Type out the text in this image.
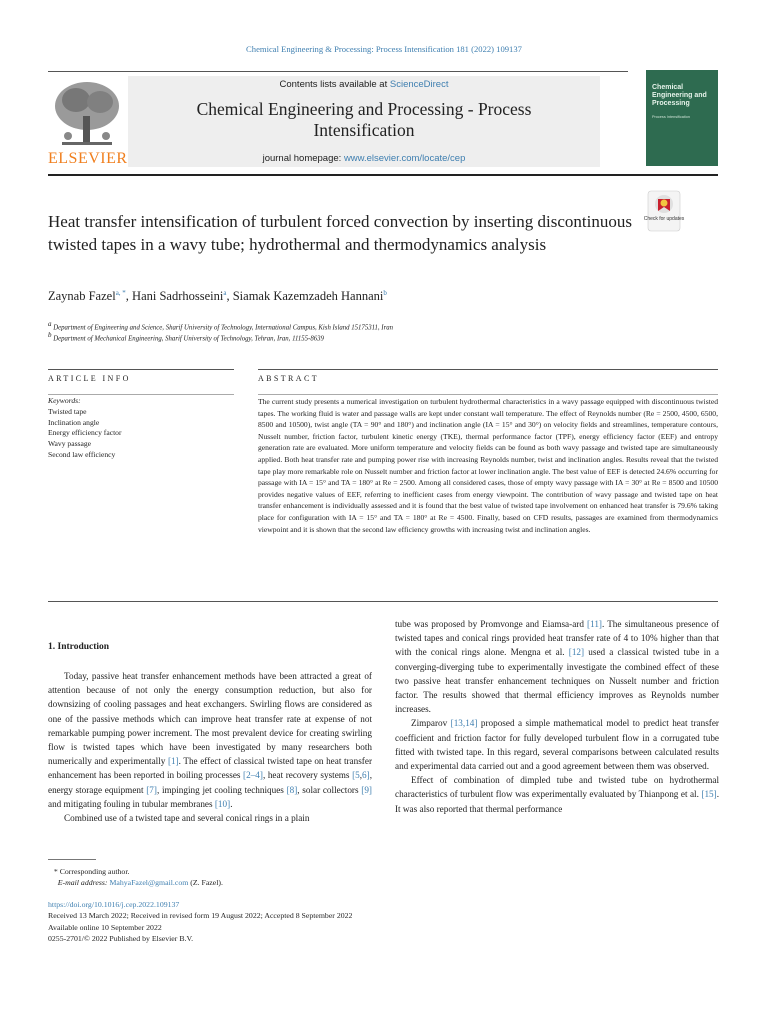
Chemical Engineering & Processing: Process Intensification 181 (2022) 109137
ELSEVIER
Contents lists available at ScienceDirect
Chemical Engineering and Processing - Process
Intensification
journal homepage: www.elsevier.com/locate/cep
Chemical Engineering and Processing
Process Intensification
Check for updates
Heat transfer intensification of turbulent forced convection by inserting discontinuous twisted tapes in a wavy tube; hydrothermal and thermodynamics analysis
Zaynab Fazel$^{a, *}$, Hani Sadrhosseini$^a$, Siamak Kazemzadeh Hannani$^b$
$^a$ Department of Engineering and Science, Sharif University of Technology, International Campus, Kish Island 15175311, Iran
$^b$ Department of Mechanical Engineering, Sharif University of Technology, Tehran, Iran, 11155-8639
ARTICLE INFO	ABSTRACT
Keywords:
Twisted tape
Inclination angle
Energy efficiency factor
Wavy passage
Second law efficiency
The current study presents a numerical investigation on turbulent hydrothermal characteristics in a wavy passage equipped with discontinuous twisted tapes. The working fluid is water and passage walls are kept under constant wall temperature. The effect of Reynolds number (Re = 2500, 4500, 6500, 8500 and 10500), twist angle (TA = 90° and 180°) and inclination angle (IA = 15° and 30°) on velocity fields and streamlines, temperature contours, Nusselt number, friction factor, turbulent kinetic energy (TKE), thermal performance factor (TPF), energy efficiency factor (EEF) and entropy generation rate are evaluated. More uniform temperature and velocity fields can be found as both wavy passage and twisted tape are simultaneously applied. Both heat transfer rate and pumping power rise with increasing Reynolds number, twist and inclination angles. Results reveal that the twisted tape play more remarkable role on Nusselt number and friction factor at lower inclination angle. The best value of EEF is detected 24.6% occurring for passage with IA = 15° and TA = 180° at Re = 2500. Among all considered cases, those of empty wavy passage with IA = 30° at Re = 8500 and 10500 provides negative values of EEF, referring to inefficient cases from energy viewpoint. The contribution of wavy passage and twisted tape on heat transfer enhancement is individually assessed and it is found that the best value of twisted tape involvement on enhanced heat transfer is 79.6% taking place for configuration with IA = 15° and TA = 180° at Re = 4500. Finally, based on CFD results, passages are examined from thermodynamics viewpoint and it is shown that the second law efficiency growths with increasing twist and inclination angles.
1. Introduction

Today, passive heat transfer enhancement methods have been attracted a great of attention because of not only the energy consumption reduction, but also for downsizing of cooling passages and heat exchangers. Swirling flows are considered as one of the passive methods which can improve heat transfer rate at expense of not remarkable pumping power increment. The most prevalent device for creating swirling flow is twisted tapes which have been investigated by many researchers both numerically and experimentally [1]. The effect of classical twisted tape on heat transfer enhancement has been reported in boiling processes [2–4], heat recovery systems [5,6], energy storage equipment [7], impinging jet cooling techniques [8], solar collectors [9] and mitigating fouling in tubular membranes [10].

Combined use of a twisted tape and several conical rings in a plain

tube was proposed by Promvonge and Eiamsa-ard [11]. The simultaneous presence of twisted tapes and conical rings provided heat transfer rate of 4 to 10% higher than that with the conical rings alone. Mengna et al. [12] used a classical twisted tube in a converging-diverging tube to experimentally investigate the combined effect of these two passive heat transfer enhancement techniques on Nusselt number and friction factor. The results showed that thermal efficiency improves as Reynolds number increases.

Zimparov [13,14] proposed a simple mathematical model to predict heat transfer coefficient and friction factor for fully developed turbulent flow in a corrugated tube fitted with twisted tape. In this regard, several comparisons between calculated results and experimental data carried out and a good agreement between them was observed.

Effect of combination of dimpled tube and twisted tube on hydrothermal characteristics of turbulent flow was experimentally evaluated by Thianpong et al. [15]. It was also reported that thermal performance

* Corresponding author.
E-mail address: MahyaFazel@gmail.com (Z. Fazel).
https://doi.org/10.1016/j.cep.2022.109137
Received 13 March 2022; Received in revised form 19 August 2022; Accepted 8 September 2022
Available online 10 September 2022
0255-2701/© 2022 Published by Elsevier B.V.
